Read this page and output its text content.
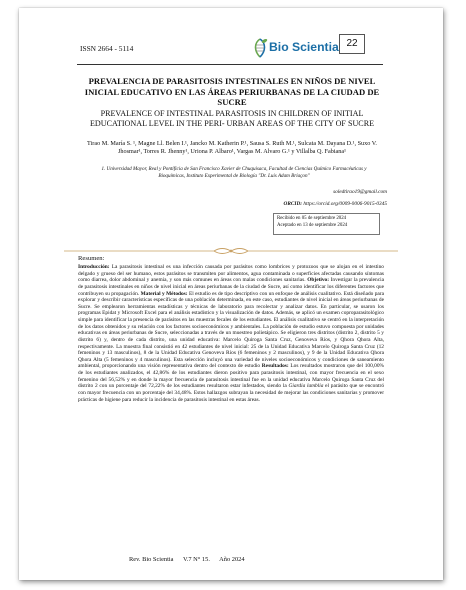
ISSN 2664 - 5114	Bio Scientia 22
PREVALENCIA DE PARASITOSIS INTESTINALES EN NIÑOS DE NIVEL INICIAL EDUCATIVO EN LAS ÁREAS PERIURBANAS DE LA CIUDAD DE SUCRE
PREVALENCE OF INTESTINAL PARASITOSIS IN CHILDREN OF INITIAL EDUCATIONAL LEVEL IN THE PERI- URBAN AREAS OF THE CITY OF SUCRE
Tirao M. María S. ¹, Magne Ll. Belen I.¹, Jancko M. Katherin P.¹, Sausa S. Ruth M.¹, Sulcata M. Dayana D.¹, Suxo V. Jhosmar¹, Torres R. Jhenny¹, Uriona P. Albaro¹, Vargas M. Alvaro G.¹ y Villalba Q. Fabiana¹
1. Universidad Mayor, Real y Pontificia de San Francisco Xavier de Chuquisaca, Facultad de Ciencias Químico Farmacéuticas y Bioquímicas, Instituto Experimental de Biología "Dr. Luis Adam Briaçon"
soledtirao19@gmail.com
ORCID: https://orcid.org/0009-0006-9015-0345
Recibido en 05 de septiembre 2024
Aceptado en 13 de septiembre 2024
Resumen:
Introducción: La parasitosis intestinal es una infección causada por parásitos como lombrices y protozoos que se alojan en el intestino delgado y grueso del ser humano, estos parásitos se transmiten por alimentos, agua contaminada o superficies afectadas causando síntomas como diarrea, dolor abdominal y anemia, y son más comunes en áreas con malas condiciones sanitarias. Objetivo: Investigar la prevalencia de parasitosis intestinales en niños de nivel inicial en áreas periurbanas de la ciudad de Sucre, así como identificar los diferentes factores que contribuyen su propagación. Material y Métodos: El estudio es de tipo descriptivo con un enfoque de análisis cualitativo. Está diseñado para explorar y describir características específicas de una población determinada, en este caso, estudiantes de nivel inicial en áreas periurbanas de Sucre. Se emplearon herramientas estadísticas y técnicas de laboratorio para recolectar y analizar datos. En particular, se usaron los programas Epidat y Microsoft Excel para el análisis estadístico y la visualización de datos. Además, se aplicó un examen coproparasitológico simple para identificar la presencia de parásitos en las muestras fecales de los estudiantes. El análisis cualitativo se centró en la interpretación de los datos obtenidos y su relación con los factores socioeconómicos y ambientales. La población de estudio estuvo compuesta por unidades educativas en áreas periurbanas de Sucre, seleccionadas a través de un muestreo polietápico. Se eligieron tres distritos (distrito 2, distrito 5 y distrito 6) y, dentro de cada distrito, una unidad educativa: Marcelo Quiroga Santa Cruz, Genoveva Ríos, y Qhora Qhora Alta, respectivamente. La muestra final consistió en 42 estudiantes de nivel inicial: 25 de la Unidad Educativa Marcelo Quiroga Santa Cruz (12 femeninos y 13 masculinos), 8 de la Unidad Educativa Genoveva Ríos (6 femeninos y 2 masculinos), y 9 de la Unidad Educativa Qhora Qhora Alta (5 femeninos y 4 masculinos). Esta selección incluyó una variedad de niveles socioeconómicos y condiciones de saneamiento ambiental, proporcionando una visión representativa dentro del contexto de estudio Resultados: Los resultados mostraron que del 100,00% de los estudiantes analizados, el 42,86% de los estudiantes dieron positivo para parasitosis intestinal, con mayor frecuencia en el sexo femenino del 56,52% y en donde la mayor frecuencia de parasitosis intestinal fue en la unidad educativa Marcelo Quiroga Santa Cruz del distrito 2 con un porcentaje del 72,22% de los estudiantes resultaron estar infestados, siendo la Giardia lamblia el parásito que se encontró con mayor frecuencia con un porcentaje del 34,48%. Estos hallazgos subrayan la necesidad de mejorar las condiciones sanitarias y promover prácticas de higiene para reducir la incidencia de parasitosis intestinal en estas áreas.
Rev. Bio Scientia V.7 N° 15. Año 2024
